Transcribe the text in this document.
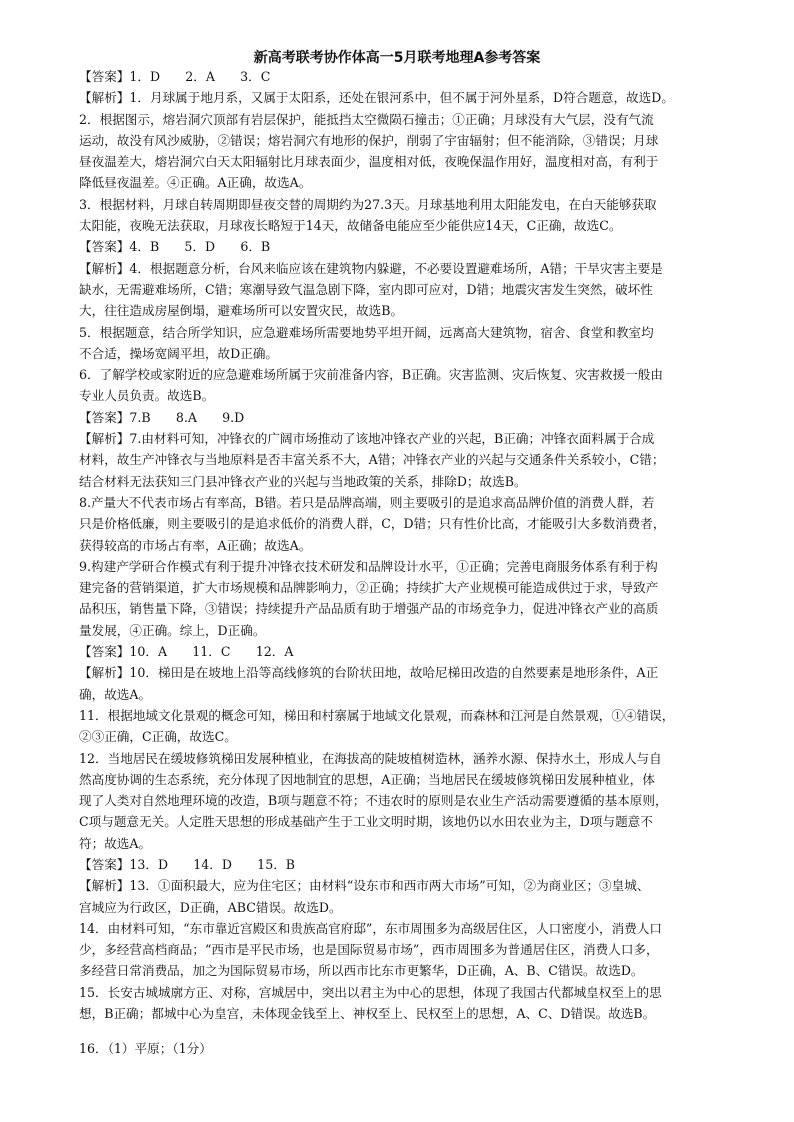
新高考联考协作体高一5月联考地理A参考答案
【答案】1．D　　2．A　　3．C
【解析】1．月球属于地月系，又属于太阳系，还处在银河系中，但不属于河外星系，D符合题意，故选D。
2．根据图示，熔岩洞穴顶部有岩层保护，能抵挡太空微陨石撞击；①正确；月球没有大气层，没有气流
运动，故没有风沙威胁，②错误；熔岩洞穴有地形的保护，削弱了宇宙辐射；但不能消除，③错误；月球
昼夜温差大，熔岩洞穴白天太阳辐射比月球表面少，温度相对低，夜晚保温作用好，温度相对高，有利于
降低昼夜温差。④正确。A正确，故选A。
3．根据材料，月球自转周期即昼夜交替的周期约为27.3天。月球基地利用太阳能发电，在白天能够获取
太阳能，夜晚无法获取，月球夜长略短于14天，故储备电能应至少能供应14天，C正确，故选C。
【答案】4．B　　5．D　　6．B
【解析】4．根据题意分析，台风来临应该在建筑物内躲避，不必要设置避难场所，A错；干旱灾害主要是
缺水，无需避难场所，C错；寒潮导致气温急剧下降，室内即可应对，D错；地震灾害发生突然，破坏性
大，往往造成房屋倒塌，避难场所可以安置灾民，故选B。
5．根据题意，结合所学知识，应急避难场所需要地势平坦开阔，远离高大建筑物，宿舍、食堂和教室均
不合适，操场宽阔平坦，故D正确。
6．了解学校或家附近的应急避难场所属于灾前准备内容，B正确。灾害监测、灾后恢复、灾害救援一般由
专业人员负责。故选B。
【答案】7.B　　8.A　　9.D
【解析】7.由材料可知，冲锋衣的广阔市场推动了该地冲锋衣产业的兴起，B正确；冲锋衣面料属于合成
材料，故生产冲锋衣与当地原料是否丰富关系不大，A错；冲锋衣产业的兴起与交通条件关系较小，C错；
结合材料无法获知三门县冲锋衣产业的兴起与当地政策的关系，排除D；故选B。
8.产量大不代表市场占有率高，B错。若只是品牌高端，则主要吸引的是追求高品牌价值的消费人群，若
只是价格低廉，则主要吸引的是追求低价的消费人群，C，D错；只有性价比高，才能吸引大多数消费者，
获得较高的市场占有率，A正确；故选A。
9.构建产学研合作模式有利于提升冲锋衣技术研发和品牌设计水平，①正确；完善电商服务体系有利于构
建完备的营销渠道，扩大市场规模和品牌影响力，②正确；持续扩大产业规模可能造成供过于求，导致产
品积压，销售量下降，③错误；持续提升产品品质有助于增强产品的市场竞争力，促进冲锋衣产业的高质
量发展，④正确。综上，D正确。
【答案】10．A　　11．C　　12．A
【解析】10．梯田是在坡地上沿等高线修筑的台阶状田地，故哈尼梯田改造的自然要素是地形条件，A正
确，故选A。
11．根据地域文化景观的概念可知，梯田和村寨属于地域文化景观，而森林和江河是自然景观，①④错误，
②③正确，C正确，故选C。
12．当地居民在缓坡修筑梯田发展种植业，在海拔高的陡坡植树造林，涵养水源、保持水土，形成人与自
然高度协调的生态系统，充分体现了因地制宜的思想，A正确；当地居民在缓坡修筑梯田发展种植业，体
现了人类对自然地理环境的改造，B项与题意不符；不违农时的原则是农业生产活动需要遵循的基本原则，
C项与题意无关。人定胜天思想的形成基础产生于工业文明时期，该地仍以水田农业为主，D项与题意不
符；故选A。
【答案】13．D　　14．D　　15．B
【解析】13．①面积最大，应为住宅区；由材料“设东市和西市两大市场”可知，②为商业区；③皇城、
宫城应为行政区，D正确，ABC错误。故选D。
14．由材料可知，“东市靠近宫殿区和贵族高官府邸”，东市周围多为高级居住区，人口密度小，消费人口
少，多经营高档商品；“西市是平民市场，也是国际贸易市场”，西市周围多为普通居住区，消费人口多，
多经营日常消费品，加之为国际贸易市场，所以西市比东市更繁华，D正确，A、B、C错误。故选D。
15．长安古城城廓方正、对称，宫城居中，突出以君主为中心的思想，体现了我国古代都城皇权至上的思
想，B正确；都城中心为皇宫，未体现金钱至上、神权至上、民权至上的思想，A、C、D错误。故选B。
16．（1）平原；（1分）
